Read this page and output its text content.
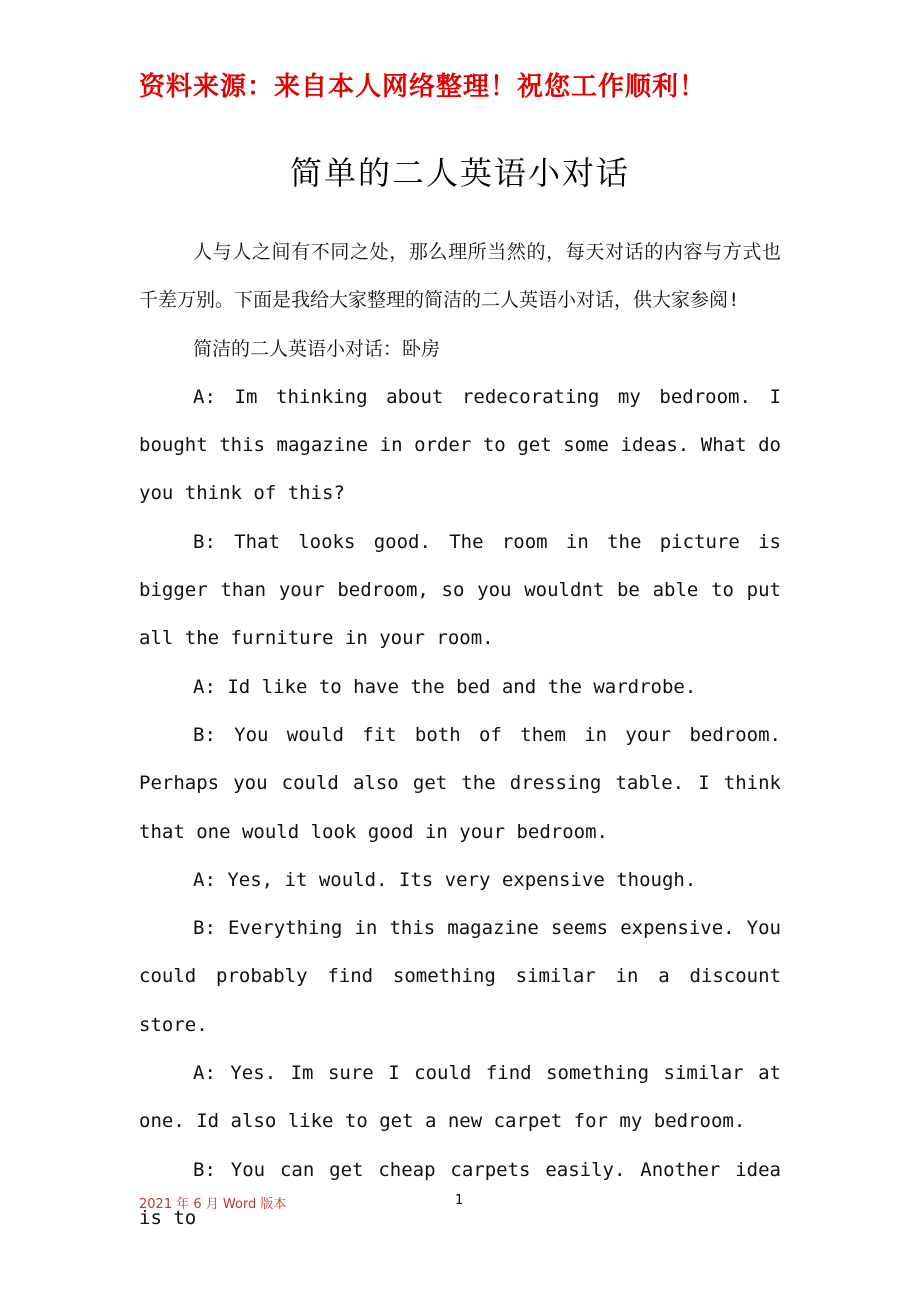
资料来源：来自本人网络整理！祝您工作顺利！
简单的二人英语小对话

人与人之间有不同之处，那么理所当然的，每天对话的内容与方式也千差万别。下面是我给大家整理的简洁的二人英语小对话，供大家参阅!

简洁的二人英语小对话：卧房

A: Im thinking about redecorating my bedroom. I bought this magazine in order to get some ideas. What do you think of this?

B: That looks good. The room in the picture is bigger than your bedroom, so you wouldnt be able to put all the furniture in your room.

A: Id like to have the bed and the wardrobe.

B: You would fit both of them in your bedroom. Perhaps you could also get the dressing table. I think that one would look good in your bedroom.

A: Yes, it would. Its very expensive though.

B: Everything in this magazine seems expensive. You could probably find something similar in a discount store.

A: Yes. Im sure I could find something similar at one. Id also like to get a new carpet for my bedroom.

B: You can get cheap carpets easily. Another idea is to

2021 年 6 月 Word 版本	1
